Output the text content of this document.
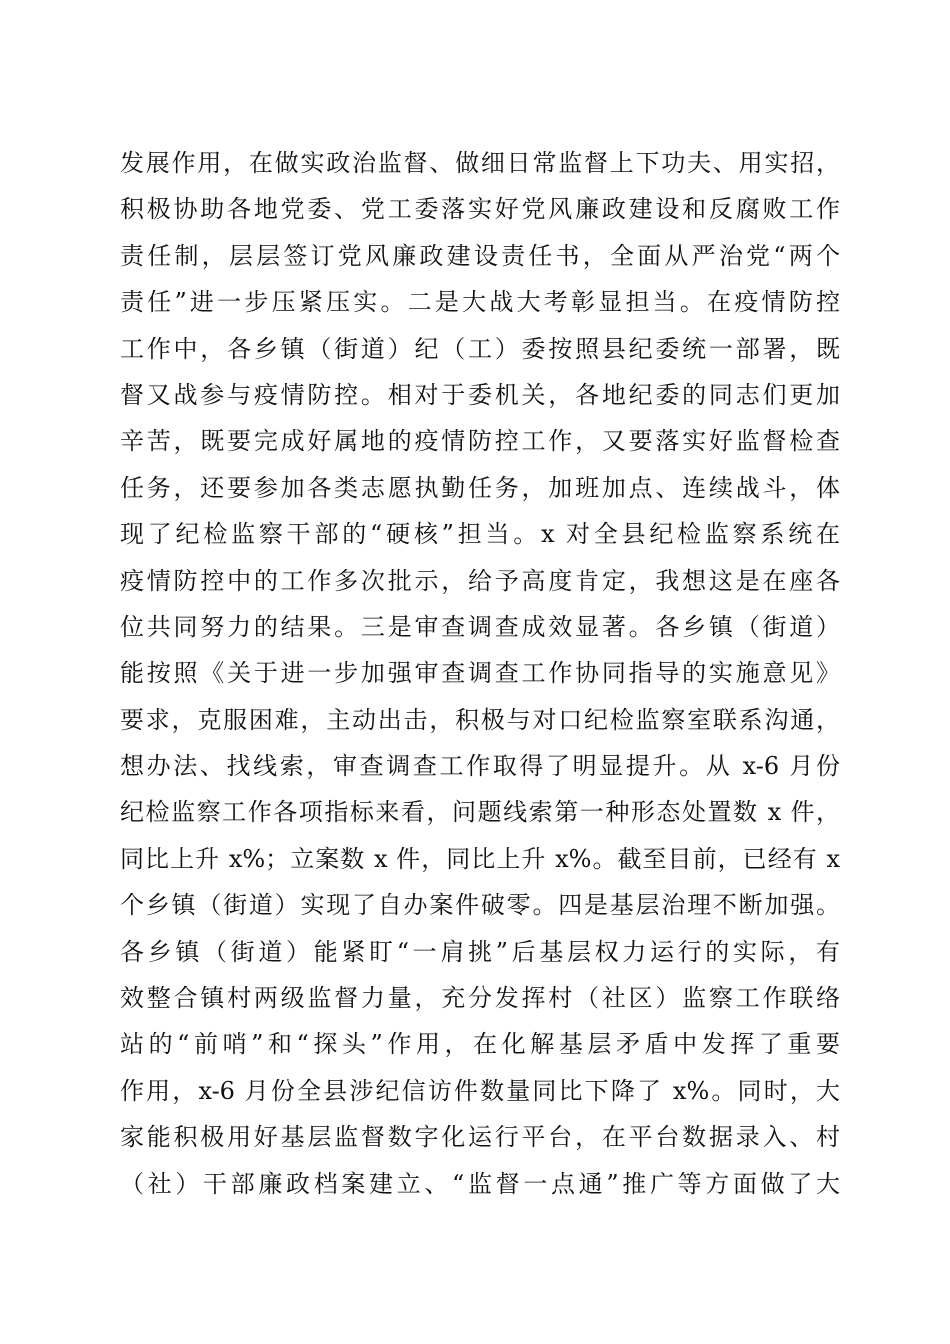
发展作用，在做实政治监督、做细日常监督上下功夫、用实招，
积极协助各地党委、党工委落实好党风廉政建设和反腐败工作
责任制，层层签订党风廉政建设责任书，全面从严治党“两个
责任”进一步压紧压实。二是大战大考彰显担当。在疫情防控
工作中，各乡镇（街道）纪（工）委按照县纪委统一部署，既
督又战参与疫情防控。相对于委机关，各地纪委的同志们更加
辛苦，既要完成好属地的疫情防控工作，又要落实好监督检查
任务，还要参加各类志愿执勤任务，加班加点、连续战斗，体
现了纪检监察干部的“硬核”担当。x 对全县纪检监察系统在
疫情防控中的工作多次批示，给予高度肯定，我想这是在座各
位共同努力的结果。三是审查调查成效显著。各乡镇（街道）
能按照《关于进一步加强审查调查工作协同指导的实施意见》
要求，克服困难，主动出击，积极与对口纪检监察室联系沟通，
想办法、找线索，审查调查工作取得了明显提升。从 x-6 月份
纪检监察工作各项指标来看，问题线索第一种形态处置数 x 件，
同比上升 x%；立案数 x 件，同比上升 x%。截至目前，已经有 x
个乡镇（街道）实现了自办案件破零。四是基层治理不断加强。
各乡镇（街道）能紧盯“一肩挑”后基层权力运行的实际，有
效整合镇村两级监督力量，充分发挥村（社区）监察工作联络
站的“前哨”和“探头”作用，在化解基层矛盾中发挥了重要
作用，x-6 月份全县涉纪信访件数量同比下降了 x%。同时，大
家能积极用好基层监督数字化运行平台，在平台数据录入、村
（社）干部廉政档案建立、“监督一点通”推广等方面做了大
